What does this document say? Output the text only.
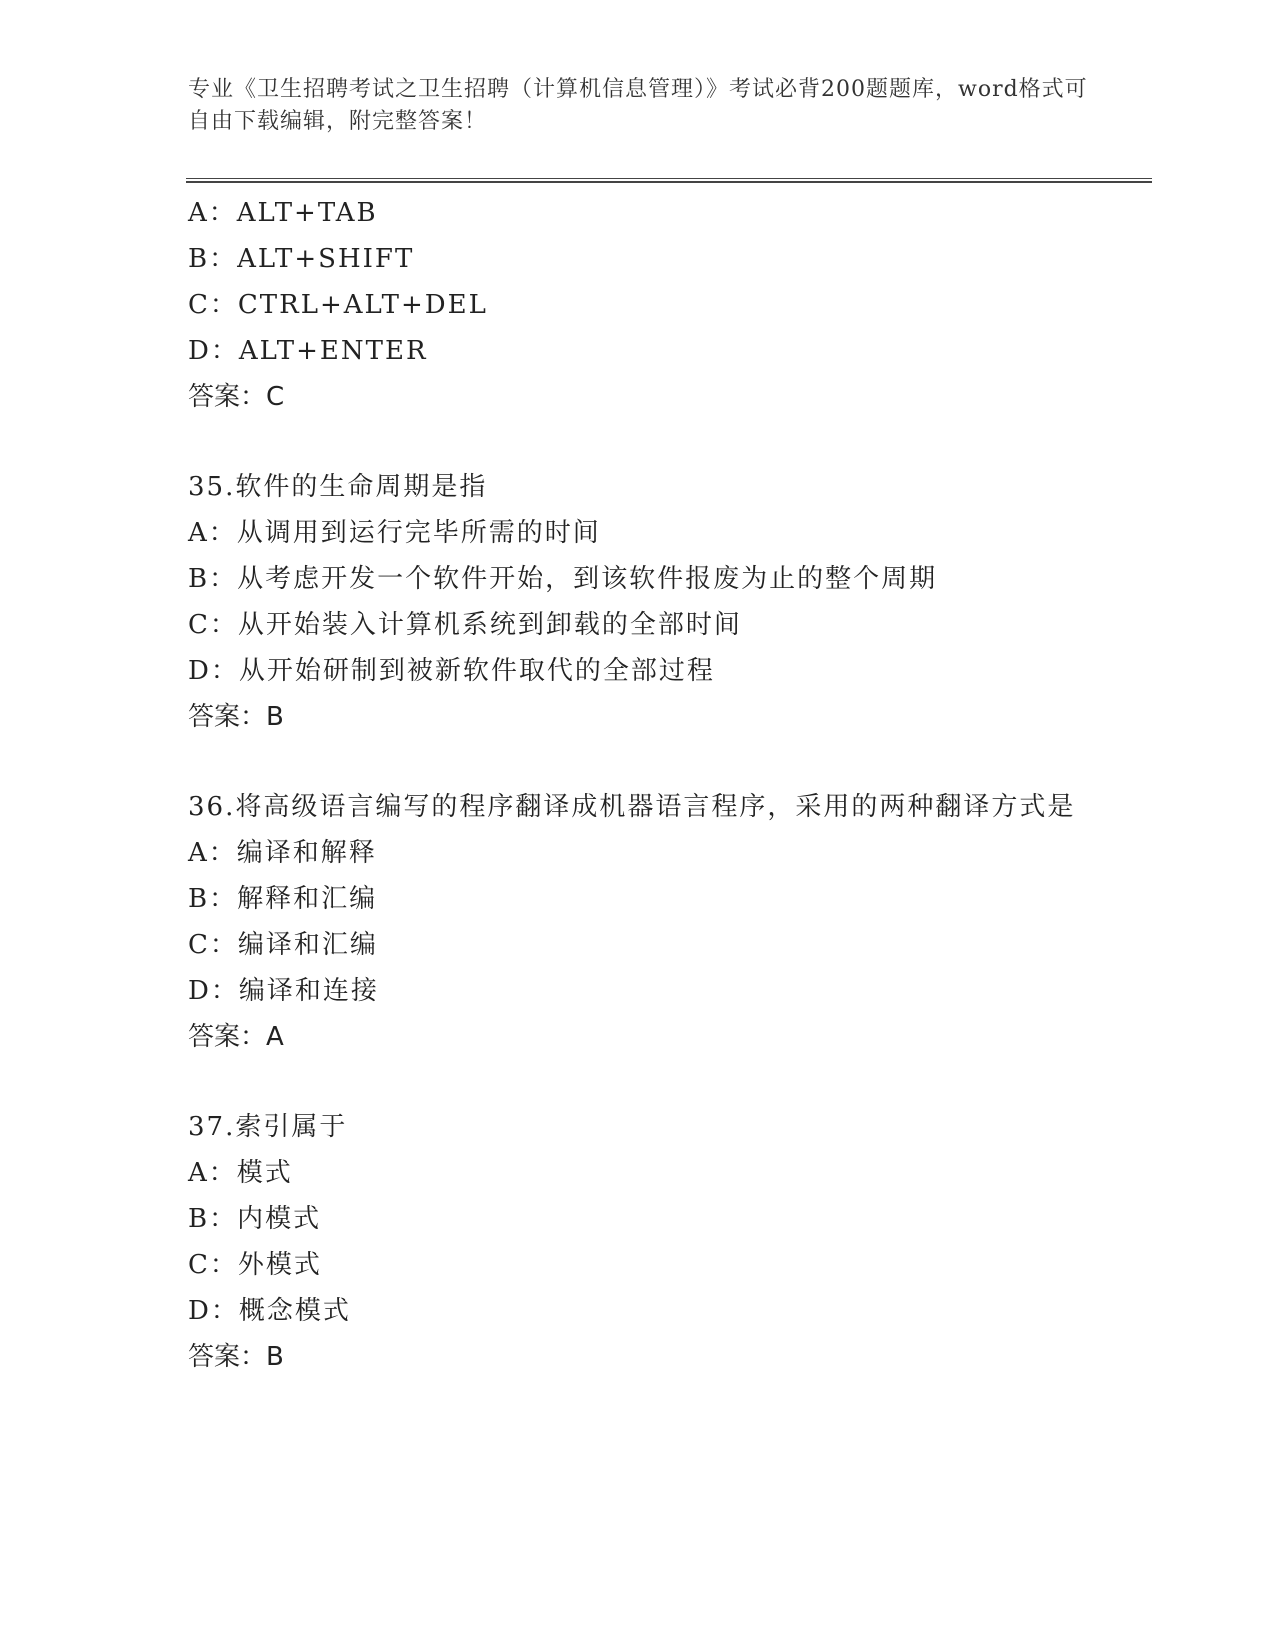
专业《卫生招聘考试之卫生招聘（计算机信息管理）》考试必背200题题库，word格式可自由下载编辑，附完整答案！
A：ALT+TAB
B：ALT+SHIFT
C：CTRL+ALT+DEL
D：ALT+ENTER
答案：C
35.软件的生命周期是指
A：从调用到运行完毕所需的时间
B：从考虑开发一个软件开始，到该软件报废为止的整个周期
C：从开始装入计算机系统到卸载的全部时间
D：从开始研制到被新软件取代的全部过程
答案：B
36.将高级语言编写的程序翻译成机器语言程序，采用的两种翻译方式是
A：编译和解释
B：解释和汇编
C：编译和汇编
D：编译和连接
答案：A
37.索引属于
A：模式
B：内模式
C：外模式
D：概念模式
答案：B
